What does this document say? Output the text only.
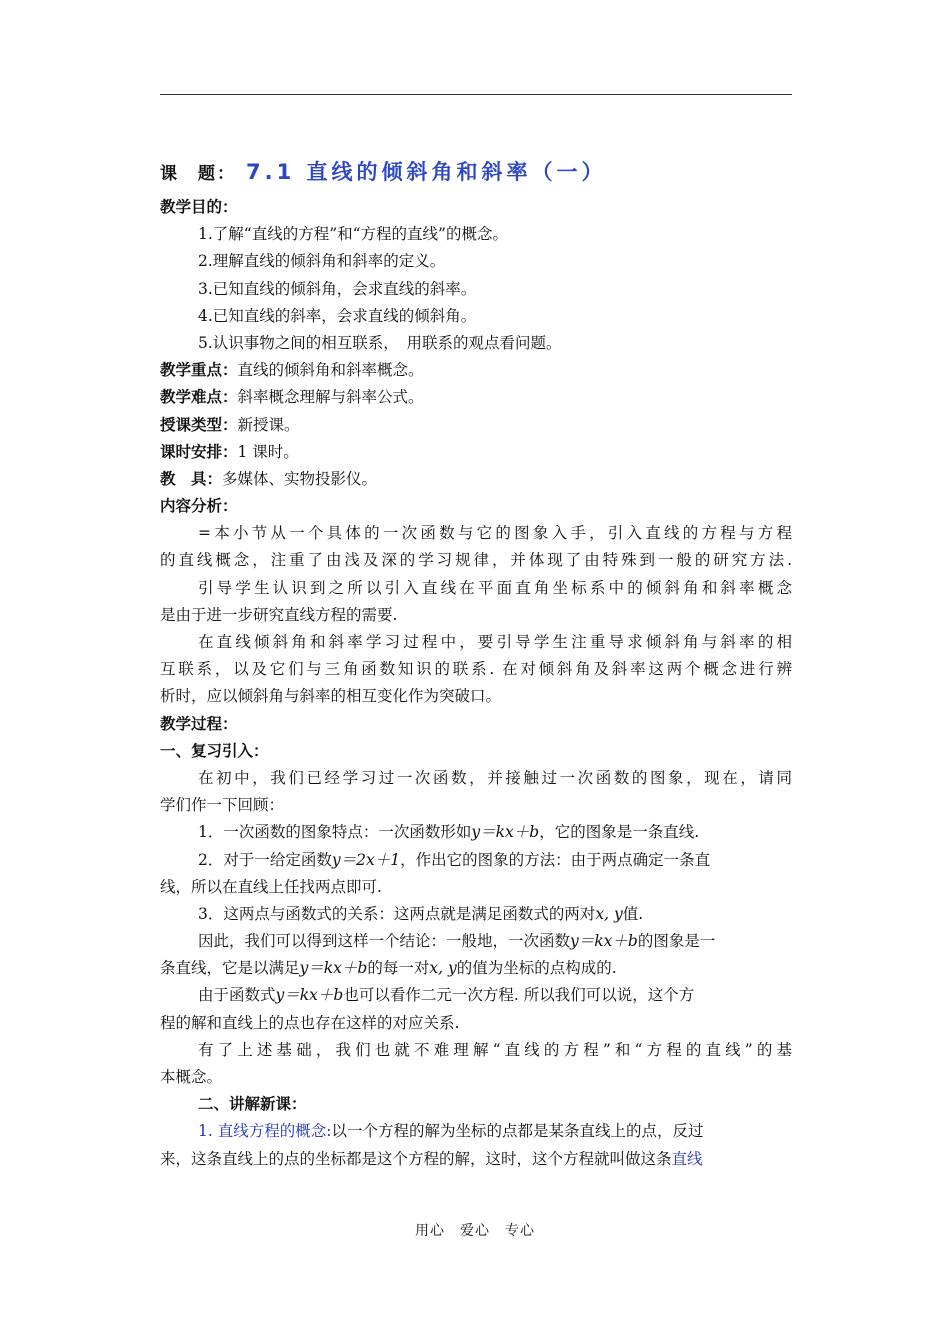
课　题： 7.1 直线的倾斜角和斜率（一）
教学目的：
1.了解“直线的方程”和“方程的直线”的概念。
2.理解直线的倾斜角和斜率的定义。
3.已知直线的倾斜角，会求直线的斜率。
4.已知直线的斜率，会求直线的倾斜角。
5.认识事物之间的相互联系，　用联系的观点看问题。
教学重点：直线的倾斜角和斜率概念。
教学难点：斜率概念理解与斜率公式。
授课类型：新授课。
课时安排：1 课时。
教　具：多媒体、实物投影仪。
内容分析：
=本小节从一个具体的一次函数与它的图象入手，引入直线的方程与方程
的直线概念，注重了由浅及深的学习规律，并体现了由特殊到一般的研究方法.
引导学生认识到之所以引入直线在平面直角坐标系中的倾斜角和斜率概念
是由于进一步研究直线方程的需要.
在直线倾斜角和斜率学习过程中，要引导学生注重导求倾斜角与斜率的相
互联系，以及它们与三角函数知识的联系. 在对倾斜角及斜率这两个概念进行辨
析时，应以倾斜角与斜率的相互变化作为突破口。
教学过程：
一、复习引入：
在初中，我们已经学习过一次函数，并接触过一次函数的图象，现在，请同
学们作一下回顾：
1．一次函数的图象特点：一次函数形如y＝kx＋b，它的图象是一条直线.
2．对于一给定函数y＝2x＋1，作出它的图象的方法：由于两点确定一条直
线，所以在直线上任找两点即可.
3．这两点与函数式的关系：这两点就是满足函数式的两对x, y值.
因此，我们可以得到这样一个结论：一般地，一次函数y＝kx＋b的图象是一
条直线，它是以满足y＝kx＋b的每一对x, y的值为坐标的点构成的.
由于函数式y＝kx＋b也可以看作二元一次方程. 所以我们可以说，这个方
程的解和直线上的点也存在这样的对应关系.
有了上述基础，我们也就不难理解“直线的方程”和“方程的直线”的基
本概念。
二、讲解新课：
1. 直线方程的概念:以一个方程的解为坐标的点都是某条直线上的点，反过
来，这条直线上的点的坐标都是这个方程的解，这时，这个方程就叫做这条直线
用心　爱心　专心
